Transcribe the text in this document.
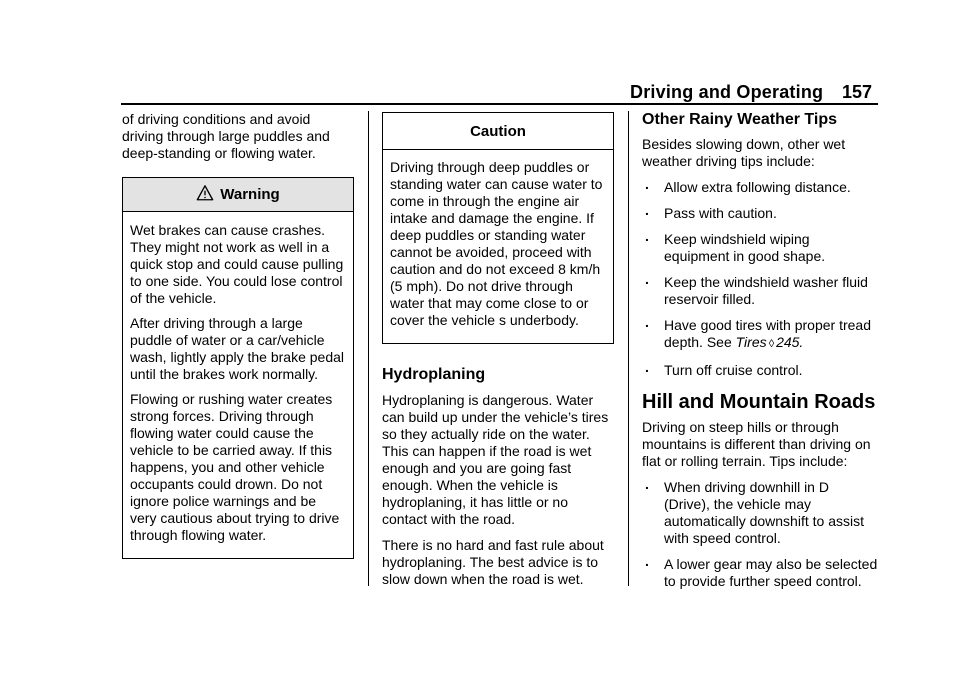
Driving and Operating 157

of driving conditions and avoid driving through large puddles and deep-standing or flowing water.

Warning

Wet brakes can cause crashes. They might not work as well in a quick stop and could cause pulling to one side. You could lose control of the vehicle.

After driving through a large puddle of water or a car/vehicle wash, lightly apply the brake pedal until the brakes work normally.

Flowing or rushing water creates strong forces. Driving through flowing water could cause the vehicle to be carried away. If this happens, you and other vehicle occupants could drown. Do not ignore police warnings and be very cautious about trying to drive through flowing water.

Caution

Driving through deep puddles or standing water can cause water to come in through the engine air intake and damage the engine. If deep puddles or standing water cannot be avoided, proceed with caution and do not exceed 8 km/h (5 mph). Do not drive through water that may come close to or cover the vehicle s underbody.

Hydroplaning

Hydroplaning is dangerous. Water can build up under the vehicle’s tires so they actually ride on the water. This can happen if the road is wet enough and you are going fast enough. When the vehicle is hydroplaning, it has little or no contact with the road.

There is no hard and fast rule about hydroplaning. The best advice is to slow down when the road is wet.

Other Rainy Weather Tips

Besides slowing down, other wet weather driving tips include:

. Allow extra following distance.
. Pass with caution.
. Keep windshield wiping equipment in good shape.
. Keep the windshield washer fluid reservoir filled.
. Have good tires with proper tread depth. See Tires ◊ 245.
. Turn off cruise control.
Hill and Mountain Roads

Driving on steep hills or through mountains is different than driving on flat or rolling terrain. Tips include:

. When driving downhill in D (Drive), the vehicle may automatically downshift to assist with speed control.
. A lower gear may also be selected to provide further speed control.
